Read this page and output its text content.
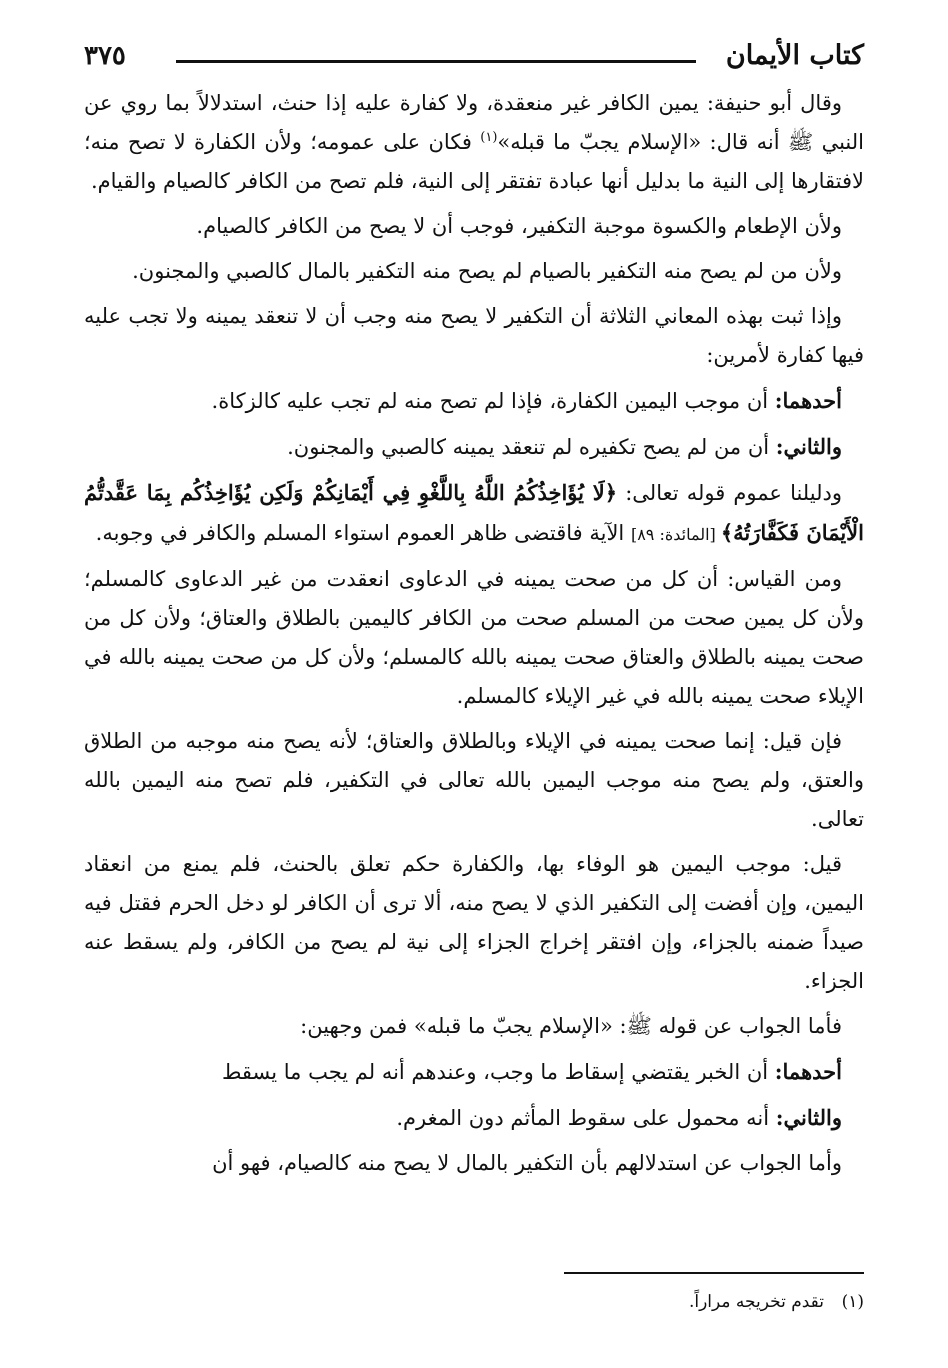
كتاب الأيمان
٣٧٥

وقال أبو حنيفة: يمين الكافر غير منعقدة، ولا كفارة عليه إذا حنث، استدلالاً بما روي عن النبي ﷺ أنه قال: «الإسلام يجبّ ما قبله»$^{(١)}$ فكان على عمومه؛ ولأن الكفارة لا تصح منه؛ لافتقارها إلى النية ما بدليل أنها عبادة تفتقر إلى النية، فلم تصح من الكافر كالصيام والقيام.

ولأن الإطعام والكسوة موجبة التكفير، فوجب أن لا يصح من الكافر كالصيام.

ولأن من لم يصح منه التكفير بالصيام لم يصح منه التكفير بالمال كالصبي والمجنون.

وإذا ثبت بهذه المعاني الثلاثة أن التكفير لا يصح منه وجب أن لا تنعقد يمينه ولا تجب عليه فيها كفارة لأمرين:

أحدهما: أن موجب اليمين الكفارة، فإذا لم تصح منه لم تجب عليه كالزكاة.

والثاني: أن من لم يصح تكفيره لم تنعقد يمينه كالصبي والمجنون.

ودليلنا عموم قوله تعالى: ﴿لَا يُؤَاخِذُكُمُ اللَّهُ بِاللَّغْوِ فِي أَيْمَانِكُمْ وَلَكِن يُؤَاخِذُكُم بِمَا عَقَّدتُّمُ الْأَيْمَانَ فَكَفَّارَتُهُ﴾ [المائدة: ٨٩] الآية فاقتضى ظاهر العموم استواء المسلم والكافر في وجوبه.

ومن القياس: أن كل من صحت يمينه في الدعاوى انعقدت من غير الدعاوى كالمسلم؛ ولأن كل يمين صحت من المسلم صحت من الكافر كاليمين بالطلاق والعتاق؛ ولأن كل من صحت يمينه بالطلاق والعتاق صحت يمينه بالله كالمسلم؛ ولأن كل من صحت يمينه بالله في الإيلاء صحت يمينه بالله في غير الإيلاء كالمسلم.

فإن قيل: إنما صحت يمينه في الإيلاء وبالطلاق والعتاق؛ لأنه يصح منه موجبه من الطلاق والعتق، ولم يصح منه موجب اليمين بالله تعالى في التكفير، فلم تصح منه اليمين بالله تعالى.

قيل: موجب اليمين هو الوفاء بها، والكفارة حكم تعلق بالحنث، فلم يمنع من انعقاد اليمين، وإن أفضت إلى التكفير الذي لا يصح منه، ألا ترى أن الكافر لو دخل الحرم فقتل فيه صيداً ضمنه بالجزاء، وإن افتقر إخراج الجزاء إلى نية لم يصح من الكافر، ولم يسقط عنه الجزاء.

فأما الجواب عن قوله ﷺ: «الإسلام يجبّ ما قبله» فمن وجهين:

أحدهما: أن الخبر يقتضي إسقاط ما وجب، وعندهم أنه لم يجب ما يسقط

والثاني: أنه محمول على سقوط المأثم دون المغرم.

وأما الجواب عن استدلالهم بأن التكفير بالمال لا يصح منه كالصيام، فهو أن

(١)تقدم تخريجه مراراً.
